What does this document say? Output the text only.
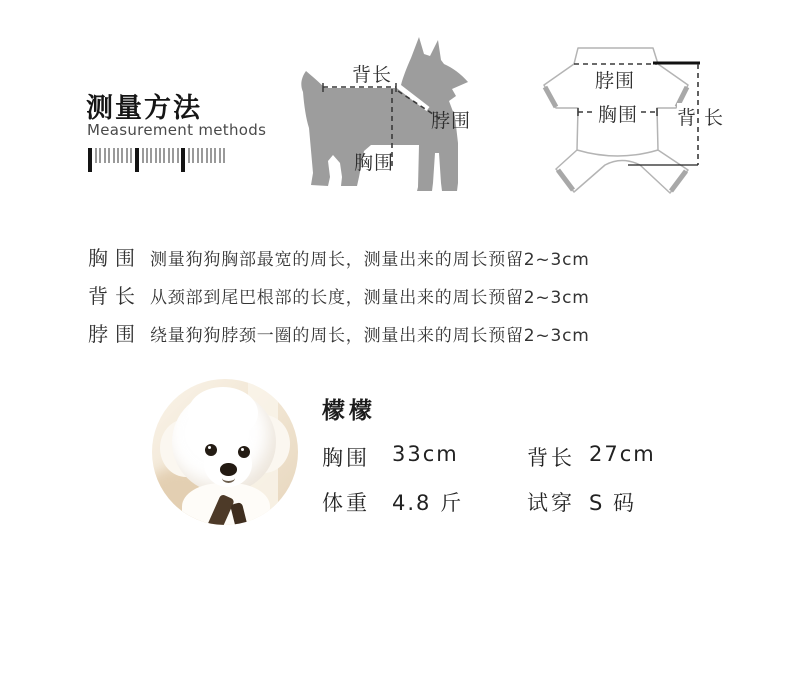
测量方法
Measurement methods
背长
脖围
胸围
脖围
胸围 背 长
胸围 测量狗狗胸部最宽的周长，测量出来的周长预留2~3cm
背长 从颈部到尾巴根部的长度，测量出来的周长预留2~3cm
脖围 绕量狗狗脖颈一圈的周长，测量出来的周长预留2~3cm
檬檬
胸围	33cm	背长 27cm
体重	4.8 斤	试穿 S 码
